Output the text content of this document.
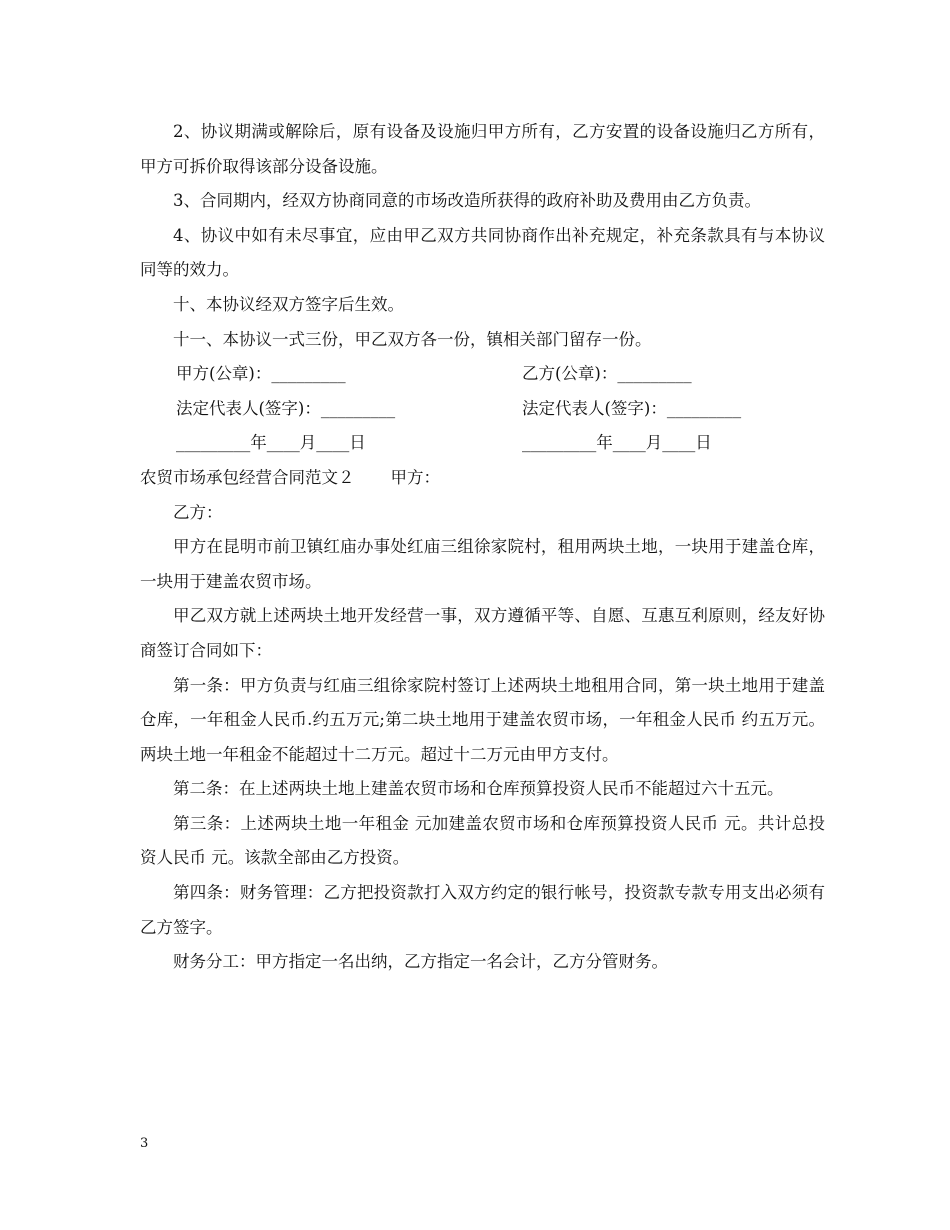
2、协议期满或解除后，原有设备及设施归甲方所有，乙方安置的设备设施归乙方所有，甲方可拆价取得该部分设备设施。

3、合同期内，经双方协商同意的市场改造所获得的政府补助及费用由乙方负责。

4、协议中如有未尽事宜，应由甲乙双方共同协商作出补充规定，补充条款具有与本协议同等的效力。

十、本协议经双方签字后生效。

十一、本协议一式三份，甲乙双方各一份，镇相关部门留存一份。

甲方(公章)：_________	乙方(公章)：_________
法定代表人(签字)：_________	法定代表人(签字)：_________
_________年____月____日	_________年____月____日

农贸市场承包经营合同范文２ 甲方：

乙方：

甲方在昆明市前卫镇红庙办事处红庙三组徐家院村，租用两块土地，一块用于建盖仓库，一块用于建盖农贸市场。

甲乙双方就上述两块土地开发经营一事，双方遵循平等、自愿、互惠互利原则，经友好协商签订合同如下：

第一条：甲方负责与红庙三组徐家院村签订上述两块土地租用合同，第一块土地用于建盖仓库，一年租金人民币.约五万元;第二块土地用于建盖农贸市场，一年租金人民币 约五万元。两块土地一年租金不能超过十二万元。超过十二万元由甲方支付。

第二条：在上述两块土地上建盖农贸市场和仓库预算投资人民币不能超过六十五元。

第三条：上述两块土地一年租金 元加建盖农贸市场和仓库预算投资人民币 元。共计总投资人民币 元。该款全部由乙方投资。

第四条：财务管理：乙方把投资款打入双方约定的银行帐号，投资款专款专用支出必须有乙方签字。

财务分工：甲方指定一名出纳，乙方指定一名会计，乙方分管财务。

3
